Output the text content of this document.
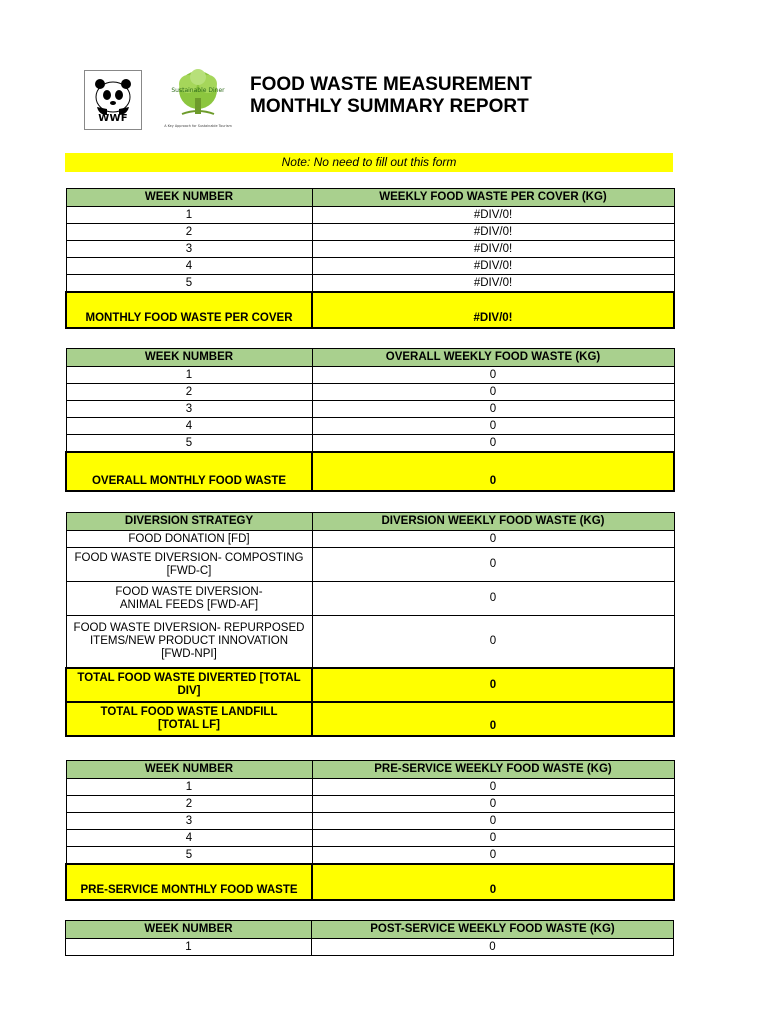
WWF
Sustainable Diner
A Key Approach for Sustainable Tourism
FOOD WASTE MEASUREMENT
MONTHLY SUMMARY REPORT
Note: No need to fill out this form
WEEK NUMBER	WEEKLY FOOD WASTE PER COVER (KG)
1	#DIV/0!
2	#DIV/0!
3	#DIV/0!
4	#DIV/0!
5	#DIV/0!
MONTHLY FOOD WASTE PER COVER	#DIV/0!
WEEK NUMBER	OVERALL WEEKLY FOOD WASTE (KG)
1	0
2	0
3	0
4	0
5	0
OVERALL MONTHLY FOOD WASTE	0
DIVERSION STRATEGY	DIVERSION WEEKLY FOOD WASTE (KG)
FOOD DONATION [FD]	0

FOOD WASTE DIVERSION- COMPOSTING
[FWD-C]	0

FOOD WASTE DIVERSION-
ANIMAL FEEDS [FWD-AF]	0

FOOD WASTE DIVERSION- REPURPOSED
ITEMS/NEW PRODUCT INNOVATION
[FWD-NPI]	0

TOTAL FOOD WASTE DIVERTED [TOTAL
DIV]	0

TOTAL FOOD WASTE LANDFILL
[TOTAL LF]	0
WEEK NUMBER	PRE-SERVICE WEEKLY FOOD WASTE (KG)
1	0
2	0
3	0
4	0
5	0
PRE-SERVICE MONTHLY FOOD WASTE	0
WEEK NUMBER	POST-SERVICE WEEKLY FOOD WASTE (KG)
1	0
